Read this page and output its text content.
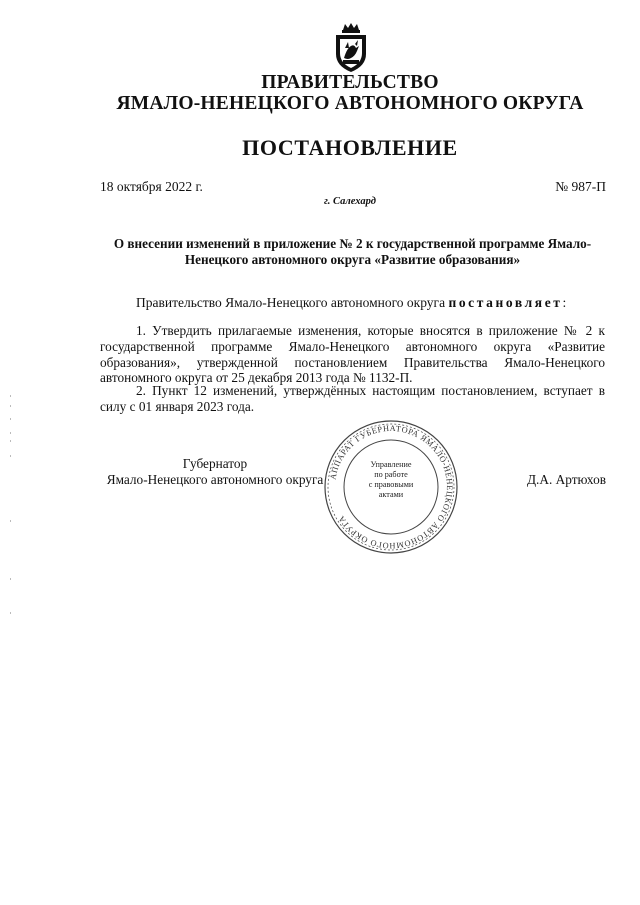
ПРАВИТЕЛЬСТВО
ЯМАЛО-НЕНЕЦКОГО АВТОНОМНОГО ОКРУГА
ПОСТАНОВЛЕНИЕ
18 октября 2022 г.	№ 987-П
г. Салехард
О внесении изменений в приложение № 2 к государственной программе Ямало-Ненецкого автономного округа «Развитие образования»
Правительство Ямало-Ненецкого автономного округа постановляет:
1. Утвердить прилагаемые изменения, которые вносятся в приложение № 2 к государственной программе Ямало-Ненецкого автономного округа «Развитие образования», утвержденной постановлением Правительства Ямало-Ненецкого автономного округа от 25 декабря 2013 года № 1132-П.
2. Пункт 12 изменений, утверждённых настоящим постановлением, вступает в силу с 01 января 2023 года.
Губернатор
Ямало-Ненецкого автономного округа	Д.А. Артюхов
АППАРАТ ГУБЕРНАТОРА ЯМАЛО-НЕНЕЦКОГО АВТОНОМНОГО ОКРУГА
Управление
по работе
с правовыми
актами
